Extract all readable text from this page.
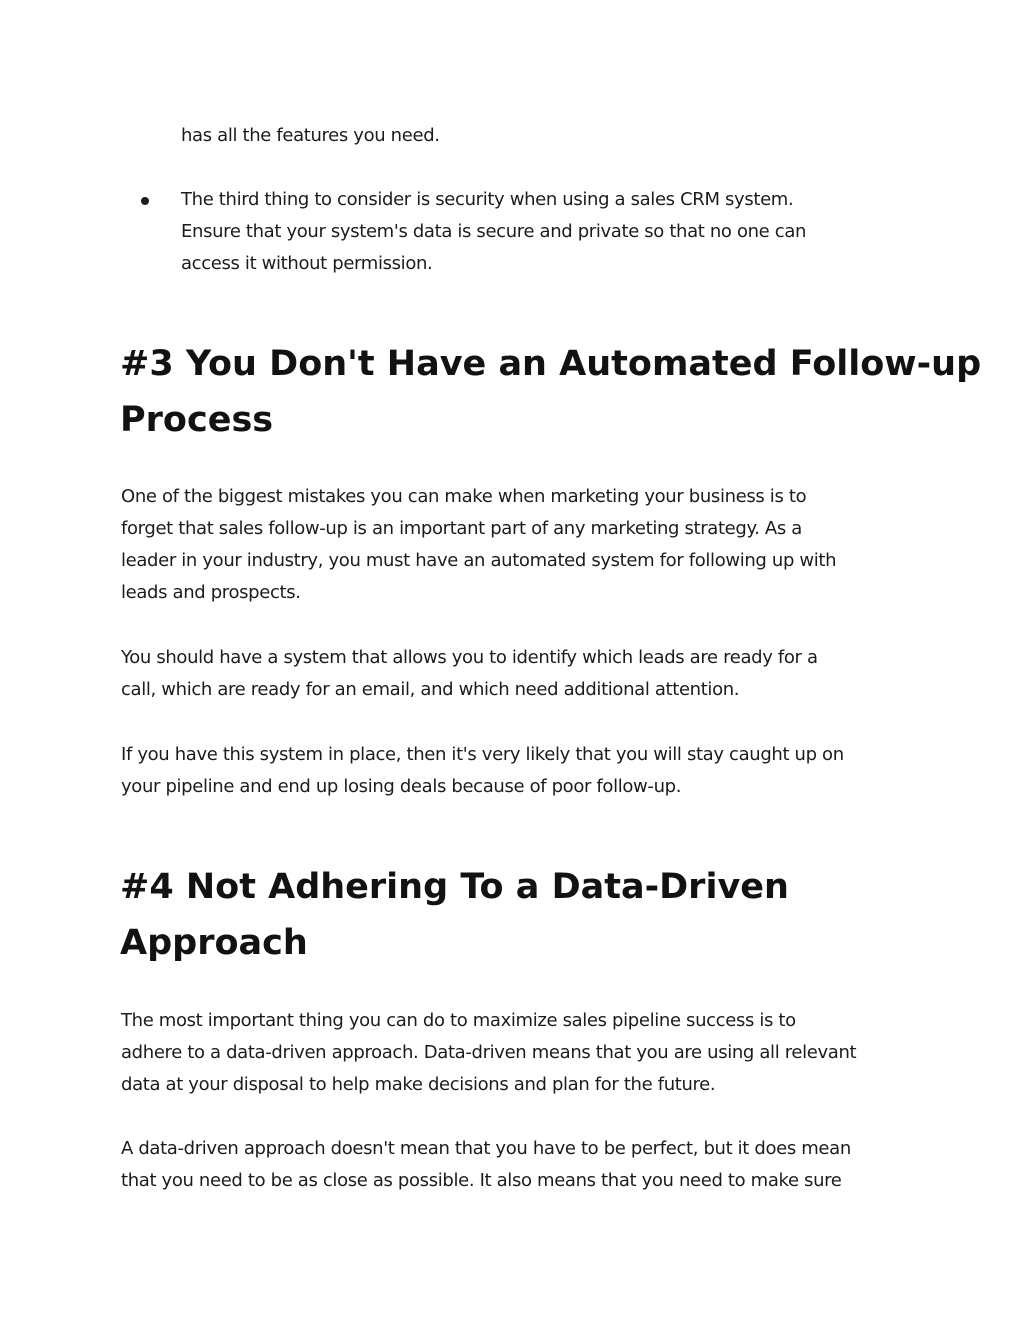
has all the features you need.

The third thing to consider is security when using a sales CRM system.

Ensure that your system's data is secure and private so that no one can

access it without permission.

#3 You Don't Have an Automated Follow-up
Process

One of the biggest mistakes you can make when marketing your business is to

forget that sales follow-up is an important part of any marketing strategy. As a

leader in your industry, you must have an automated system for following up with

leads and prospects.

You should have a system that allows you to identify which leads are ready for a

call, which are ready for an email, and which need additional attention.

If you have this system in place, then it's very likely that you will stay caught up on

your pipeline and end up losing deals because of poor follow-up.

#4 Not Adhering To a Data-Driven
Approach

The most important thing you can do to maximize sales pipeline success is to

adhere to a data-driven approach. Data-driven means that you are using all relevant

data at your disposal to help make decisions and plan for the future.

A data-driven approach doesn't mean that you have to be perfect, but it does mean

that you need to be as close as possible. It also means that you need to make sure
